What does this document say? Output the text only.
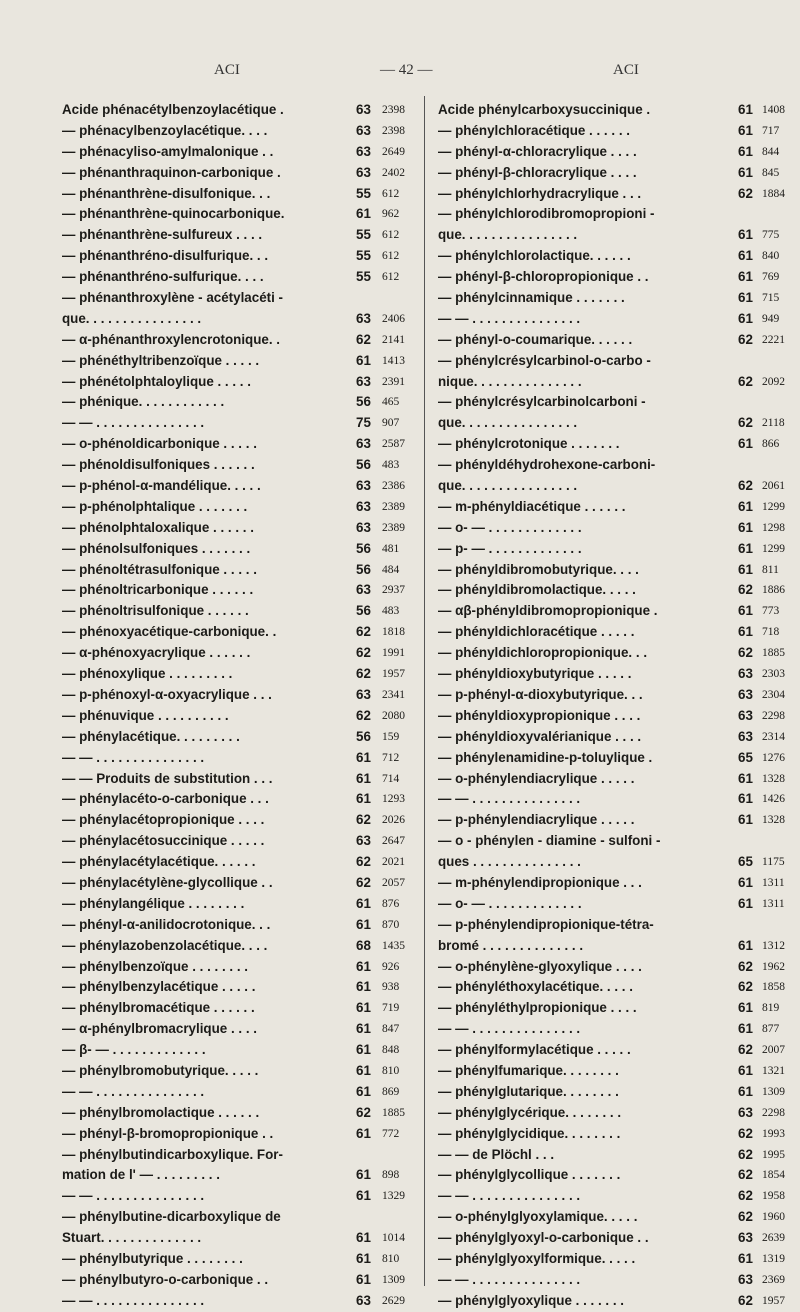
ACI	— 42 —	ACI
Acide phénacétylbenzoylacétique .	63 2398
— phénacylbenzoylacétique. . . .	63 2398
— phénacyliso-amylmalonique . .	63 2649
— phénanthraquinon-carbonique .	63 2402
— phénanthrène-disulfonique. . .	55 612
— phénanthrène-quinocarbonique.	61 962
— phénanthrène-sulfureux . . . .	55 612
— phénanthréno-disulfurique. . .	55 612
— phénanthréno-sulfurique. . . .	55 612
— phénanthroxylène - acétylacéti -
que. . . . . . . . . . . . . . . .	63 2406
— α-phénanthroxylencrotonique. .	62 2141
— phénéthyltribenzoïque . . . . .	61 1413
— phénétolphtaloylique . . . . .	63 2391
— phénique. . . . . . . . . . . .	56 465
— — . . . . . . . . . . . . . . .	75 907
— o-phénoldicarbonique . . . . .	63 2587
— phénoldisulfoniques . . . . . .	56 483
— p-phénol-α-mandélique. . . . .	63 2386
— p-phénolphtalique . . . . . . .	63 2389
— phénolphtaloxalique . . . . . .	63 2389
— phénolsulfoniques . . . . . . .	56 481
— phénoltétrasulfonique . . . . .	56 484
— phénoltricarbonique . . . . . .	63 2937
— phénoltrisulfonique . . . . . .	56 483
— phénoxyacétique-carbonique. .	62 1818
— α-phénoxyacrylique . . . . . .	62 1991
— phénoxylique . . . . . . . . .	62 1957
— p-phénoxyl-α-oxyacrylique . . .	63 2341
— phénuvique . . . . . . . . . .	62 2080
— phénylacétique. . . . . . . . .	56 159
— — . . . . . . . . . . . . . . .	61 712
— — Produits de substitution . . .	61 714
— phénylacéto-o-carbonique . . .	61 1293
— phénylacétopropionique . . . .	62 2026
— phénylacétosuccinique . . . . .	63 2647
— phénylacétylacétique. . . . . .	62 2021
— phénylacétylène-glycollique . .	62 2057
— phénylangélique . . . . . . . .	61 876
— phényl-α-anilidocrotonique. . .	61 870
— phénylazobenzolacétique. . . .	68 1435
— phénylbenzoïque . . . . . . . .	61 926
— phénylbenzylacétique . . . . .	61 938
— phénylbromacétique . . . . . .	61 719
— α-phénylbromacrylique . . . .	61 847
— β- — . . . . . . . . . . . . .	61 848
— phénylbromobutyrique. . . . .	61 810
— — . . . . . . . . . . . . . . .	61 869
— phénylbromolactique . . . . . .	62 1885
— phényl-β-bromopropionique . .	61 772
— phénylbutindicarboxylique. For-
mation de l' — . . . . . . . . .	61 898
— — . . . . . . . . . . . . . . .	61 1329
— phénylbutine-dicarboxylique de
Stuart. . . . . . . . . . . . . .	61 1014
— phénylbutyrique . . . . . . . .	61 810
— phénylbutyro-o-carbonique . .	61 1309
— — . . . . . . . . . . . . . . .	63 2629
Acide phénylcarboxysuccinique .	61 1408
— phénylchloracétique . . . . . .	61 717
— phényl-α-chloracrylique . . . .	61 844
— phényl-β-chloracrylique . . . .	61 845
— phénylchlorhydracrylique . . .	62 1884
— phénylchlorodibromopropioni -
que. . . . . . . . . . . . . . . .	61 775
— phénylchlorolactique. . . . . .	61 840
— phényl-β-chloropropionique . .	61 769
— phénylcinnamique . . . . . . .	61 715
— — . . . . . . . . . . . . . . .	61 949
— phényl-o-coumarique. . . . . .	62 2221
— phénylcrésylcarbinol-o-carbo -
nique. . . . . . . . . . . . . . .	62 2092
— phénylcrésylcarbinolcarboni -
que. . . . . . . . . . . . . . . .	62 2118
— phénylcrotonique . . . . . . .	61 866
— phényldéhydrohexone-carboni-
que. . . . . . . . . . . . . . . .	62 2061
— m-phényldiacétique . . . . . .	61 1299
— o- — . . . . . . . . . . . . .	61 1298
— p- — . . . . . . . . . . . . .	61 1299
— phényldibromobutyrique. . . .	61 811
— phényldibromolactique. . . . .	62 1886
— αβ-phényldibromopropionique .	61 773
— phényldichloracétique . . . . .	61 718
— phényldichloropropionique. . .	62 1885
— phényldioxybutyrique . . . . .	63 2303
— p-phényl-α-dioxybutyrique. . .	63 2304
— phényldioxypropionique . . . .	63 2298
— phényldioxyvalérianique . . . .	63 2314
— phénylenamidine-p-toluylique .	65 1276
— o-phénylendiacrylique . . . . .	61 1328
— — . . . . . . . . . . . . . . .	61 1426
— p-phénylendiacrylique . . . . .	61 1328
— o - phénylen - diamine - sulfoni -
ques . . . . . . . . . . . . . . .	65 1175
— m-phénylendipropionique . . .	61 1311
— o- — . . . . . . . . . . . . .	61 1311
— p-phénylendipropionique-tétra-
bromé . . . . . . . . . . . . . .	61 1312
— o-phénylène-glyoxylique . . . .	62 1962
— phényléthoxylacétique. . . . .	62 1858
— phényléthylpropionique . . . .	61 819
— — . . . . . . . . . . . . . . .	61 877
— phénylformylacétique . . . . .	62 2007
— phénylfumarique. . . . . . . .	61 1321
— phénylglutarique. . . . . . . .	61 1309
— phénylglycérique. . . . . . . .	63 2298
— phénylglycidique. . . . . . . .	62 1993
— — de Plöchl . . .	62 1995
— phénylglycollique . . . . . . .	62 1854
— — . . . . . . . . . . . . . . .	62 1958
— o-phénylglyoxylamique. . . . .	62 1960
— phénylglyoxyl-o-carbonique . .	63 2639
— phénylglyoxylformique. . . . .	61 1319
— — . . . . . . . . . . . . . . .	63 2369
— phénylglyoxylique . . . . . . .	62 1957
